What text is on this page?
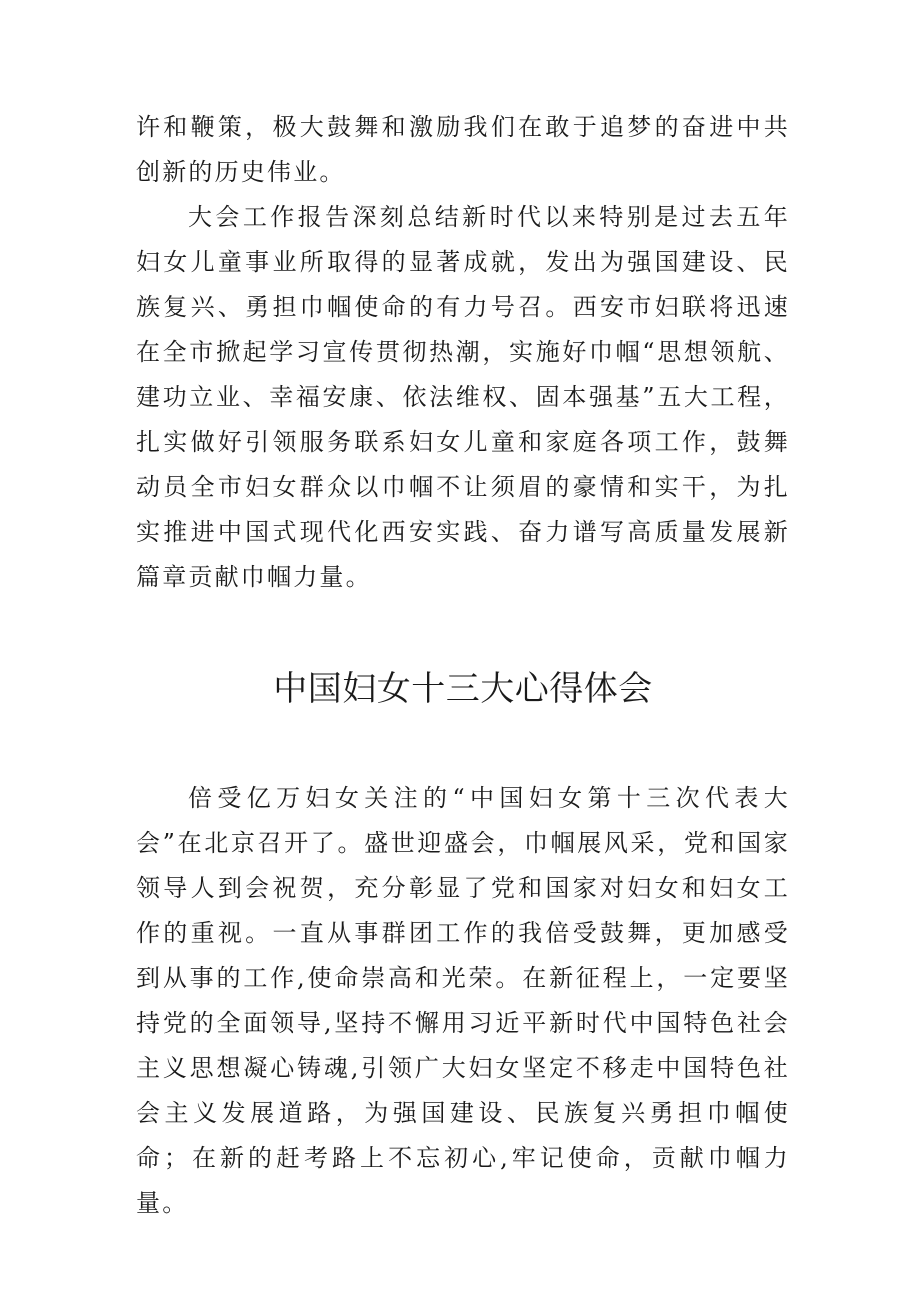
许和鞭策，极大鼓舞和激励我们在敢于追梦的奋进中共创新的历史伟业。

大会工作报告深刻总结新时代以来特别是过去五年妇女儿童事业所取得的显著成就，发出为强国建设、民族复兴、勇担巾帼使命的有力号召。西安市妇联将迅速在全市掀起学习宣传贯彻热潮，实施好巾帼“思想领航、建功立业、幸福安康、依法维权、固本强基”五大工程，扎实做好引领服务联系妇女儿童和家庭各项工作，鼓舞动员全市妇女群众以巾帼不让须眉的豪情和实干，为扎实推进中国式现代化西安实践、奋力谱写高质量发展新篇章贡献巾帼力量。

中国妇女十三大心得体会

倍受亿万妇女关注的“中国妇女第十三次代表大会”在北京召开了。盛世迎盛会，巾帼展风采，党和国家领导人到会祝贺，充分彰显了党和国家对妇女和妇女工作的重视。一直从事群团工作的我倍受鼓舞，更加感受到从事的工作,使命崇高和光荣。在新征程上，一定要坚持党的全面领导,坚持不懈用习近平新时代中国特色社会主义思想凝心铸魂,引领广大妇女坚定不移走中国特色社会主义发展道路，为强国建设、民族复兴勇担巾帼使命；在新的赶考路上不忘初心,牢记使命，贡献巾帼力量。
